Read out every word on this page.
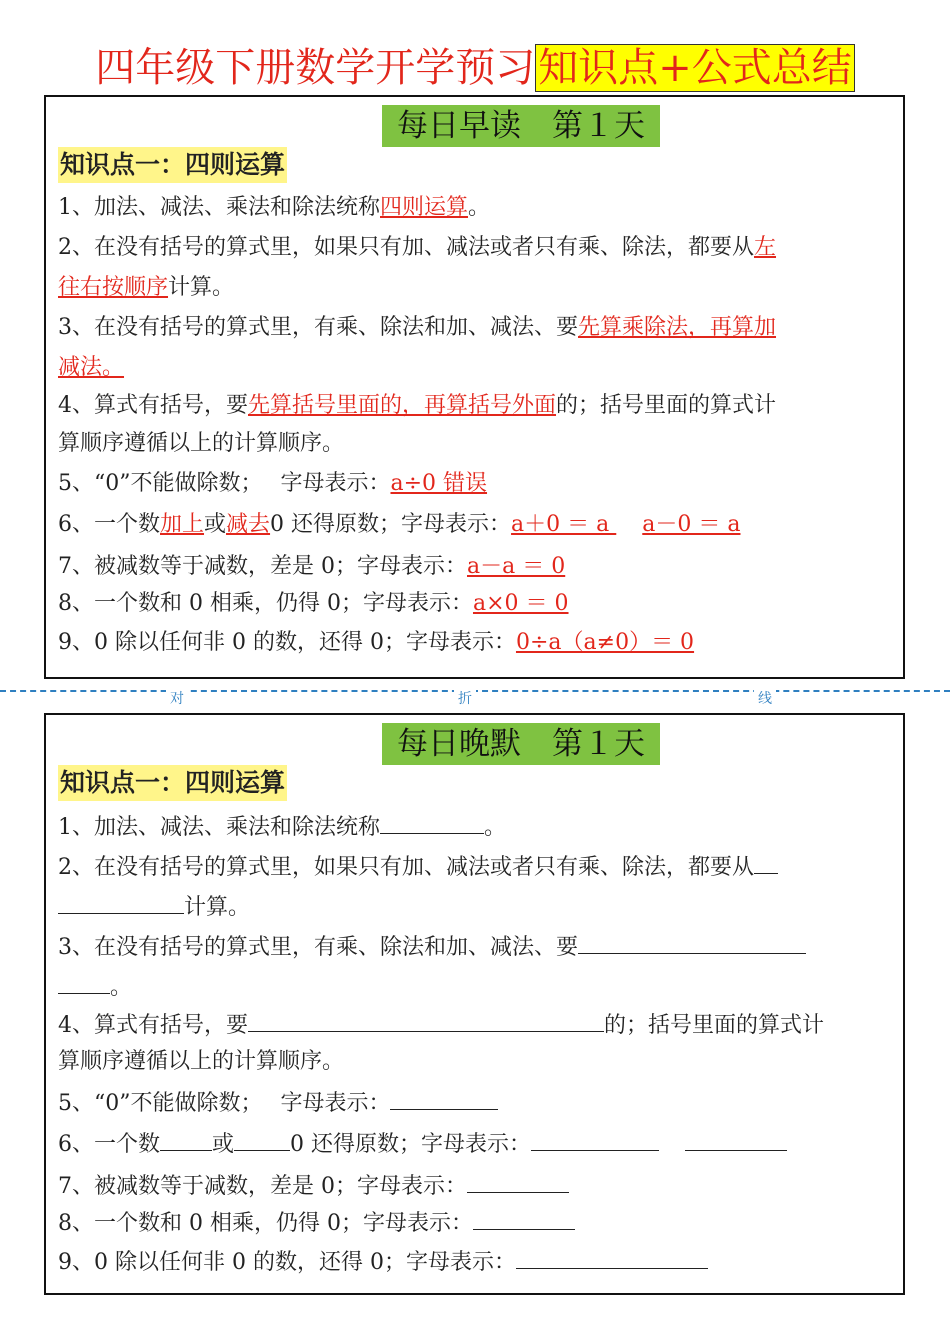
四年级下册数学开学预习知识点+公式总结
每日早读　第１天
知识点一：四则运算
1、加法、减法、乘法和除法统称四则运算。
2、在没有括号的算式里，如果只有加、减法或者只有乘、除法，都要从左
往右按顺序计算。
3、在没有括号的算式里，有乘、除法和加、减法、要先算乘除法，再算加
减法。
4、算式有括号，要先算括号里面的，再算括号外面的；括号里面的算式计
算顺序遵循以上的计算顺序。
5、“0”不能做除数；　 字母表示：a÷0 错误
6、一个数加上或减去0 还得原数；字母表示：a＋0 ＝ a a－0 ＝ a
7、被减数等于减数，差是 0；字母表示：a－a ＝ 0
8、一个数和 0 相乘，仍得 0；字母表示：a×0 ＝ 0
9、0 除以任何非 0 的数，还得 0；字母表示：0÷a（a≠0）＝ 0
对	折	线
每日晚默　第１天
知识点一：四则运算
1、加法、减法、乘法和除法统称	。
2、在没有括号的算式里，如果只有加、减法或者只有乘、除法，都要从
计算。
3、在没有括号的算式里，有乘、除法和加、减法、要
。
4、算式有括号，要	的；括号里面的算式计
算顺序遵循以上的计算顺序。
5、“0”不能做除数；　 字母表示：
6、一个数 或	0 还得原数；字母表示：
7、被减数等于减数，差是 0；字母表示：
8、一个数和 0 相乘，仍得 0；字母表示：
9、0 除以任何非 0 的数，还得 0；字母表示：
